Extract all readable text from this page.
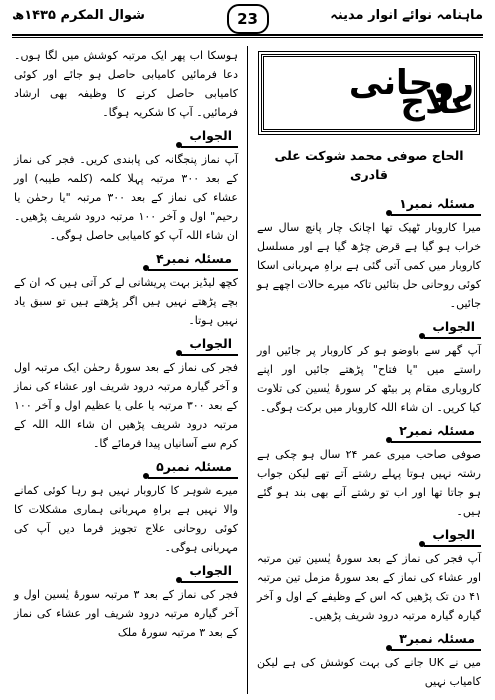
ماہنامہ نوائے انوار مدینہ
23
شوال المکرم ۱۴۳۵ھ
روحانی علاج
الحاج صوفی محمد شوکت علی قادری
مسئلہ نمبر۱

میرا کاروبار ٹھیک تھا اچانک چار پانچ سال سے خراب ہو گیا ہے قرض چڑھ گیا ہے اور مسلسل کاروبار میں کمی آتی گئی ہے براہِ مہربانی اسکا کوئی روحانی حل بتائیں تاکہ میرے حالات اچھے ہو جائیں۔

الجواب

آپ گھر سے باوضو ہو کر کاروبار پر جائیں اور راستے میں "یا فتاح" پڑھتے جائیں اور اپنے کاروباری مقام پر بیٹھ کر سورۂ یٰسین کی تلاوت کیا کریں۔ ان شاء اللہ کاروبار میں برکت ہوگی۔

مسئلہ نمبر۲

صوفی صاحب میری عمر ۲۴ سال ہو چکی ہے رشتہ نہیں ہوتا پہلے رشتے آتے تھے لیکن جواب ہو جاتا تھا اور اب تو رشتے آنے بھی بند ہو گئے ہیں۔

الجواب

آپ فجر کی نماز کے بعد سورۂ یٰسین تین مرتبہ اور عشاء کی نماز کے بعد سورۂ مزمل تین مرتبہ ۴۱ دن تک پڑھیں کہ اس کے وظیفے کے اول و آخر گیارہ گیارہ مرتبہ درود شریف پڑھیں۔

مسئلہ نمبر۳

میں نے UK جانے کی بہت کوشش کی ہے لیکن کامیاب نہیں

ہوسکا اب پھر ایک مرتبہ کوشش میں لگا ہوں۔ دعا فرمائیں کامیابی حاصل ہو جائے اور کوئی کامیابی حاصل کرنے کا وظیفہ بھی ارشاد فرمائیں۔ آپ کا شکریہ ہوگا۔

الجواب

آپ نماز پنجگانہ کی پابندی کریں۔ فجر کی نماز کے بعد ۳۰۰ مرتبہ پہلا کلمہ (کلمہ طیبہ) اور عشاء کی نماز کے بعد ۳۰۰ مرتبہ "یا رحمٰن یا رحیم" اول و آخر ۱۰۰ مرتبہ درود شریف پڑھیں۔ ان شاء اللہ آپ کو کامیابی حاصل ہوگی۔

مسئلہ نمبر۴

کچھ لیڈیز بہت پریشانی لے کر آتی ہیں کہ ان کے بچے پڑھتے نہیں ہیں اگر پڑھتے ہیں تو سبق یاد نہیں ہوتا۔

الجواب

فجر کی نماز کے بعد سورۂ رحمٰن ایک مرتبہ اول و آخر گیارہ مرتبہ درود شریف اور عشاء کی نماز کے بعد ۳۰۰ مرتبہ یا علی یا عظیم اول و آخر ۱۰۰ مرتبہ درود شریف پڑھیں ان شاء اللہ اللہ کے کرم سے آسانیاں پیدا فرمائے گا۔

مسئلہ نمبر۵

میرے شوہر کا کاروبار نہیں ہو رہا کوئی کمانے والا نہیں ہے براہِ مہربانی ہماری مشکلات کا کوئی روحانی علاج تجویز فرما دیں آپ کی مہربانی ہوگی۔

الجواب

فجر کی نماز کے بعد ۳ مرتبہ سورۂ یٰسین اول و آخر گیارہ مرتبہ درود شریف اور عشاء کی نماز کے بعد ۳ مرتبہ سورۂ ملک
